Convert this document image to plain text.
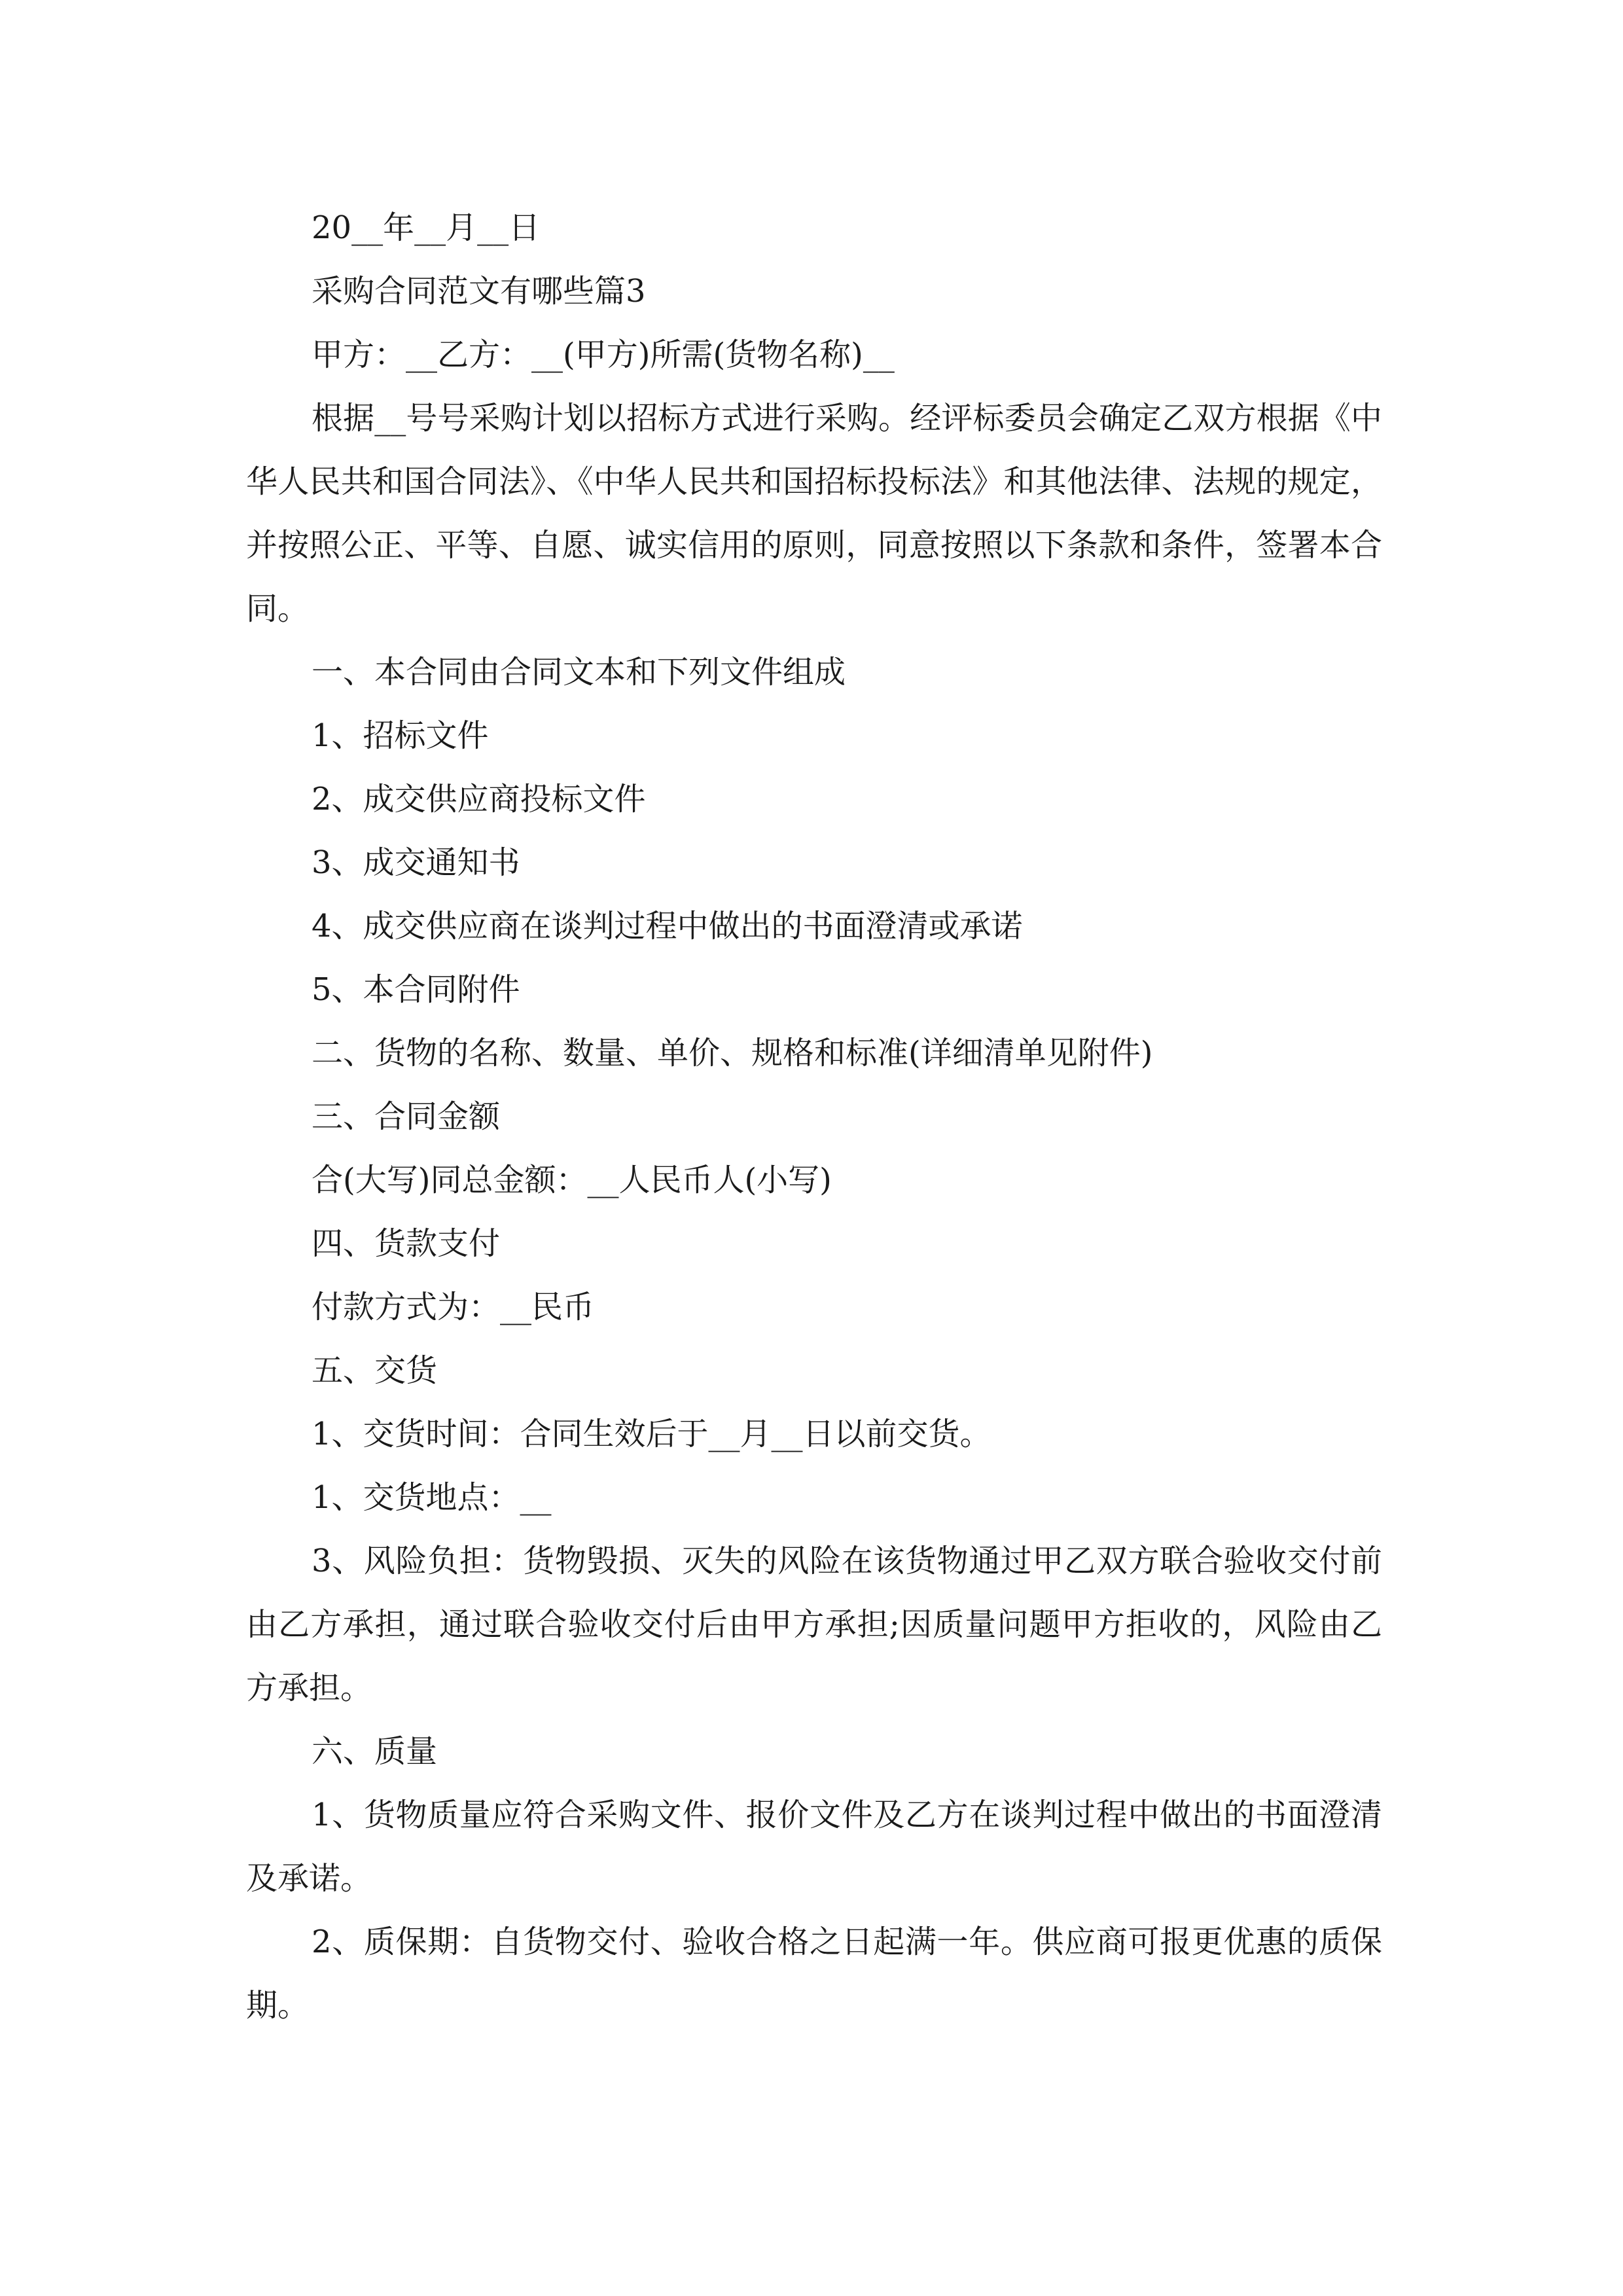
20__年__月__日

采购合同范文有哪些篇3

甲方：__乙方：__(甲方)所需(货物名称)__

根据__号号采购计划以招标方式进行采购。经评标委员会确定乙双方根据《中华人民共和国合同法》、《中华人民共和国招标投标法》和其他法律、法规的规定，并按照公正、平等、自愿、诚实信用的原则，同意按照以下条款和条件，签署本合同。

一、本合同由合同文本和下列文件组成

1、招标文件

2、成交供应商投标文件

3、成交通知书

4、成交供应商在谈判过程中做出的书面澄清或承诺

5、本合同附件

二、货物的名称、数量、单价、规格和标准(详细清单见附件)

三、合同金额

合(大写)同总金额：__人民币人(小写)

四、货款支付

付款方式为：__民币

五、交货

1、交货时间：合同生效后于__月__日以前交货。

1、交货地点：__

3、风险负担：货物毁损、灭失的风险在该货物通过甲乙双方联合验收交付前由乙方承担，通过联合验收交付后由甲方承担;因质量问题甲方拒收的，风险由乙方承担。

六、质量

1、货物质量应符合采购文件、报价文件及乙方在谈判过程中做出的书面澄清及承诺。

2、质保期：自货物交付、验收合格之日起满一年。供应商可报更优惠的质保期。
